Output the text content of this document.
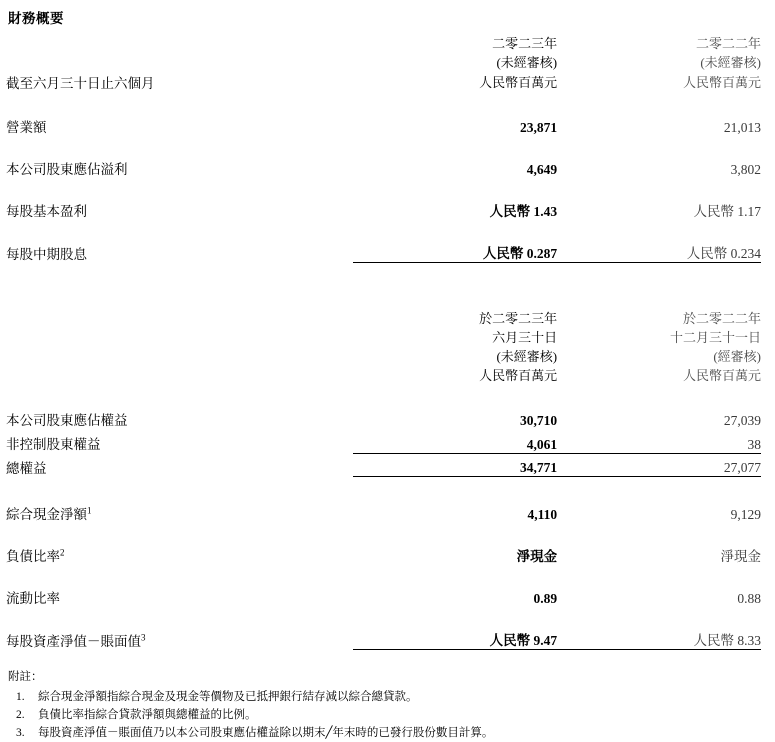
財務概要

	二零二三年	二零二二年

	(未經審核)	(未經審核)

截至六月三十日止六個月	人民幣百萬元	人民幣百萬元

營業額	23,871	21,013

本公司股東應佔溢利	4,649	3,802

每股基本盈利	人民幣 1.43	人民幣 1.17

每股中期股息	人民幣 0.287	人民幣 0.234

	於二零二三年	於二零二二年

	六月三十日	十二月三十一日

	(未經審核)	(經審核)

	人民幣百萬元	人民幣百萬元

本公司股東應佔權益	30,710	27,039

非控制股東權益	4,061	38

總權益	34,771	27,077

綜合現金淨額$^1$	4,110	9,129

負債比率$^2$	淨現金	淨現金

流動比率	0.89	0.88

每股資產淨值－賬面值$^3$	人民幣 9.47	人民幣 8.33
附註：
1.	綜合現金淨額指綜合現金及現金等價物及已抵押銀行結存減以綜合總貸款。
2.	負債比率指綜合貸款淨額與總權益的比例。
3.	每股資產淨值－賬面值乃以本公司股東應佔權益除以期末╱年末時的已發行股份數目計算。
